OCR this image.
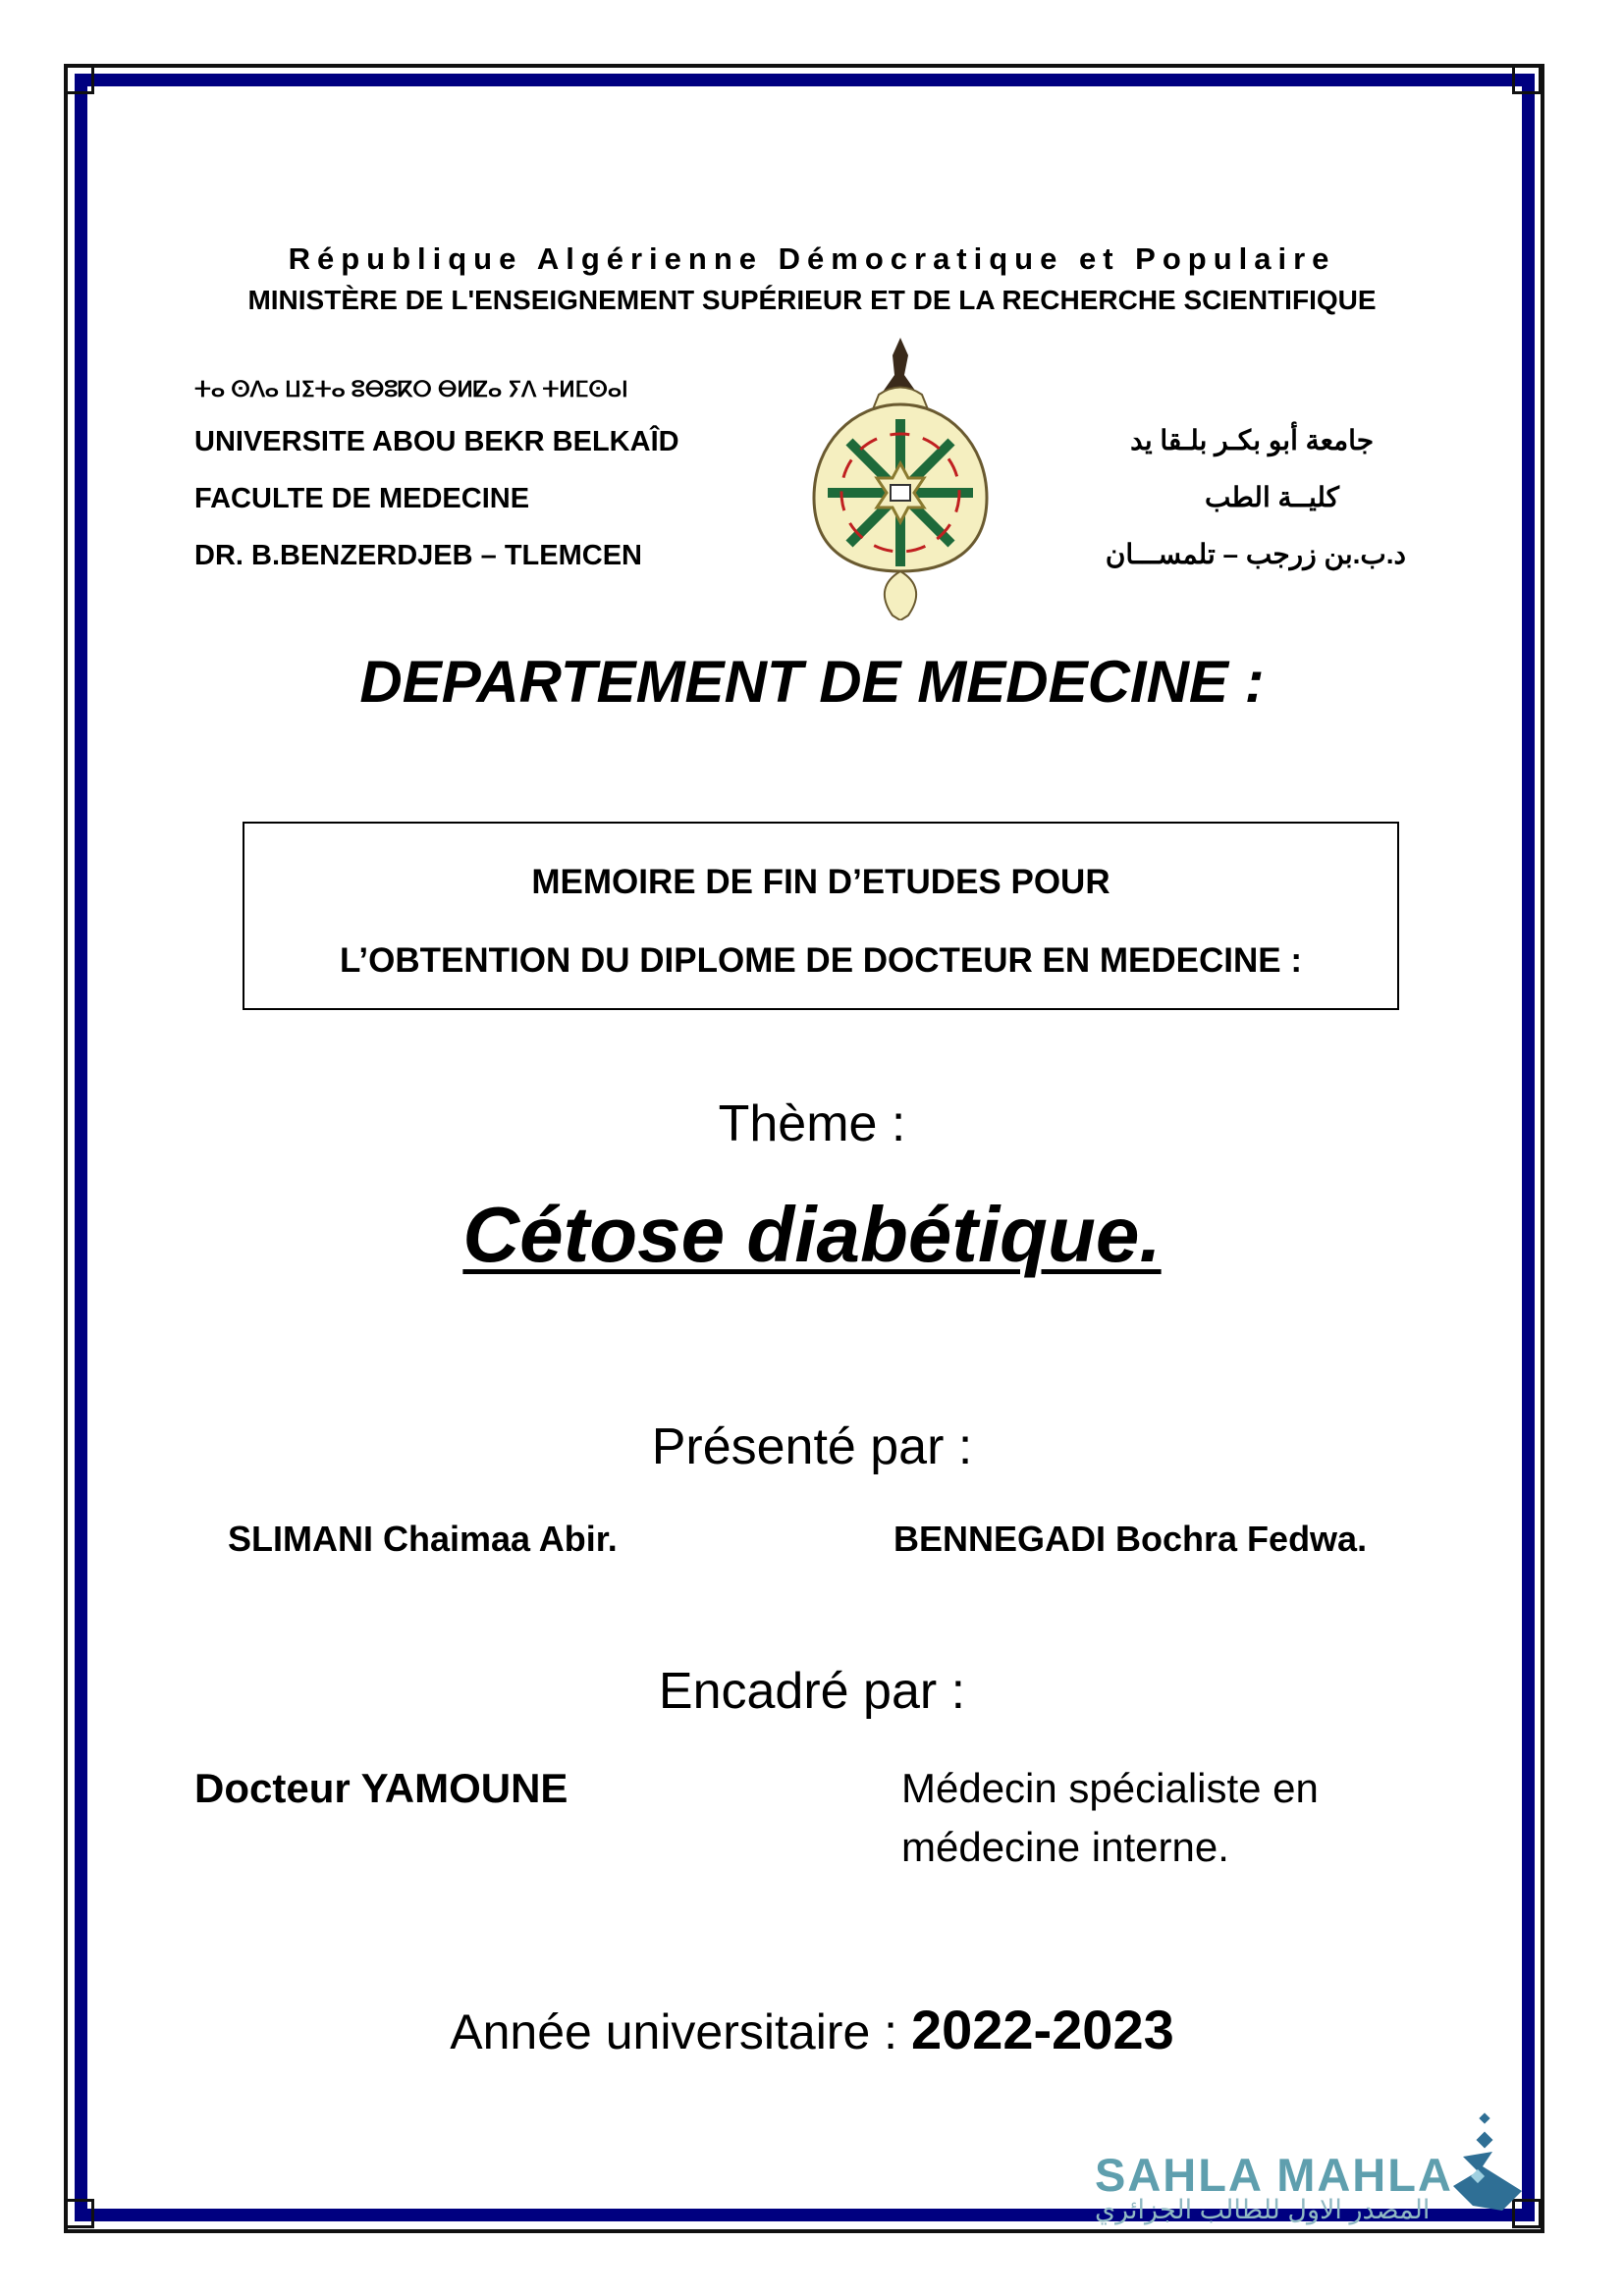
République Algérienne Démocratique et Populaire
MINISTÈRE DE L'ENSEIGNEMENT SUPÉRIEUR ET DE LA RECHERCHE SCIENTIFIQUE
ⵜⴰ ⵙⴷⴰ ⵡⵉⵜⴰ ⵓⴱⵓⴽⵔ ⴱⵍⵇⴰ ⵢⴷ ⵜⵍⵎⵙⴰⵏ
UNIVERSITE ABOU BEKR BELKAÎD
FACULTE DE MEDECINE
DR. B.BENZERDJEB – TLEMCEN
جامعة أبو بكـر بلـقا يد
كليــة الطب
د.ب.بن زرجب – تلمســـان
DEPARTEMENT DE MEDECINE :
MEMOIRE DE FIN D’ETUDES POUR
L’OBTENTION DU DIPLOME DE DOCTEUR EN MEDECINE :
Thème :
Cétose diabétique.
Présenté par :
SLIMANI Chaimaa Abir.	BENNEGADI Bochra Fedwa.
Encadré par :
Docteur YAMOUNE	Médecin spécialiste en
médecine interne.
Année universitaire : 2022-2023
SAHLA MAHLA
المصدر الاول للطالب الجزائري
